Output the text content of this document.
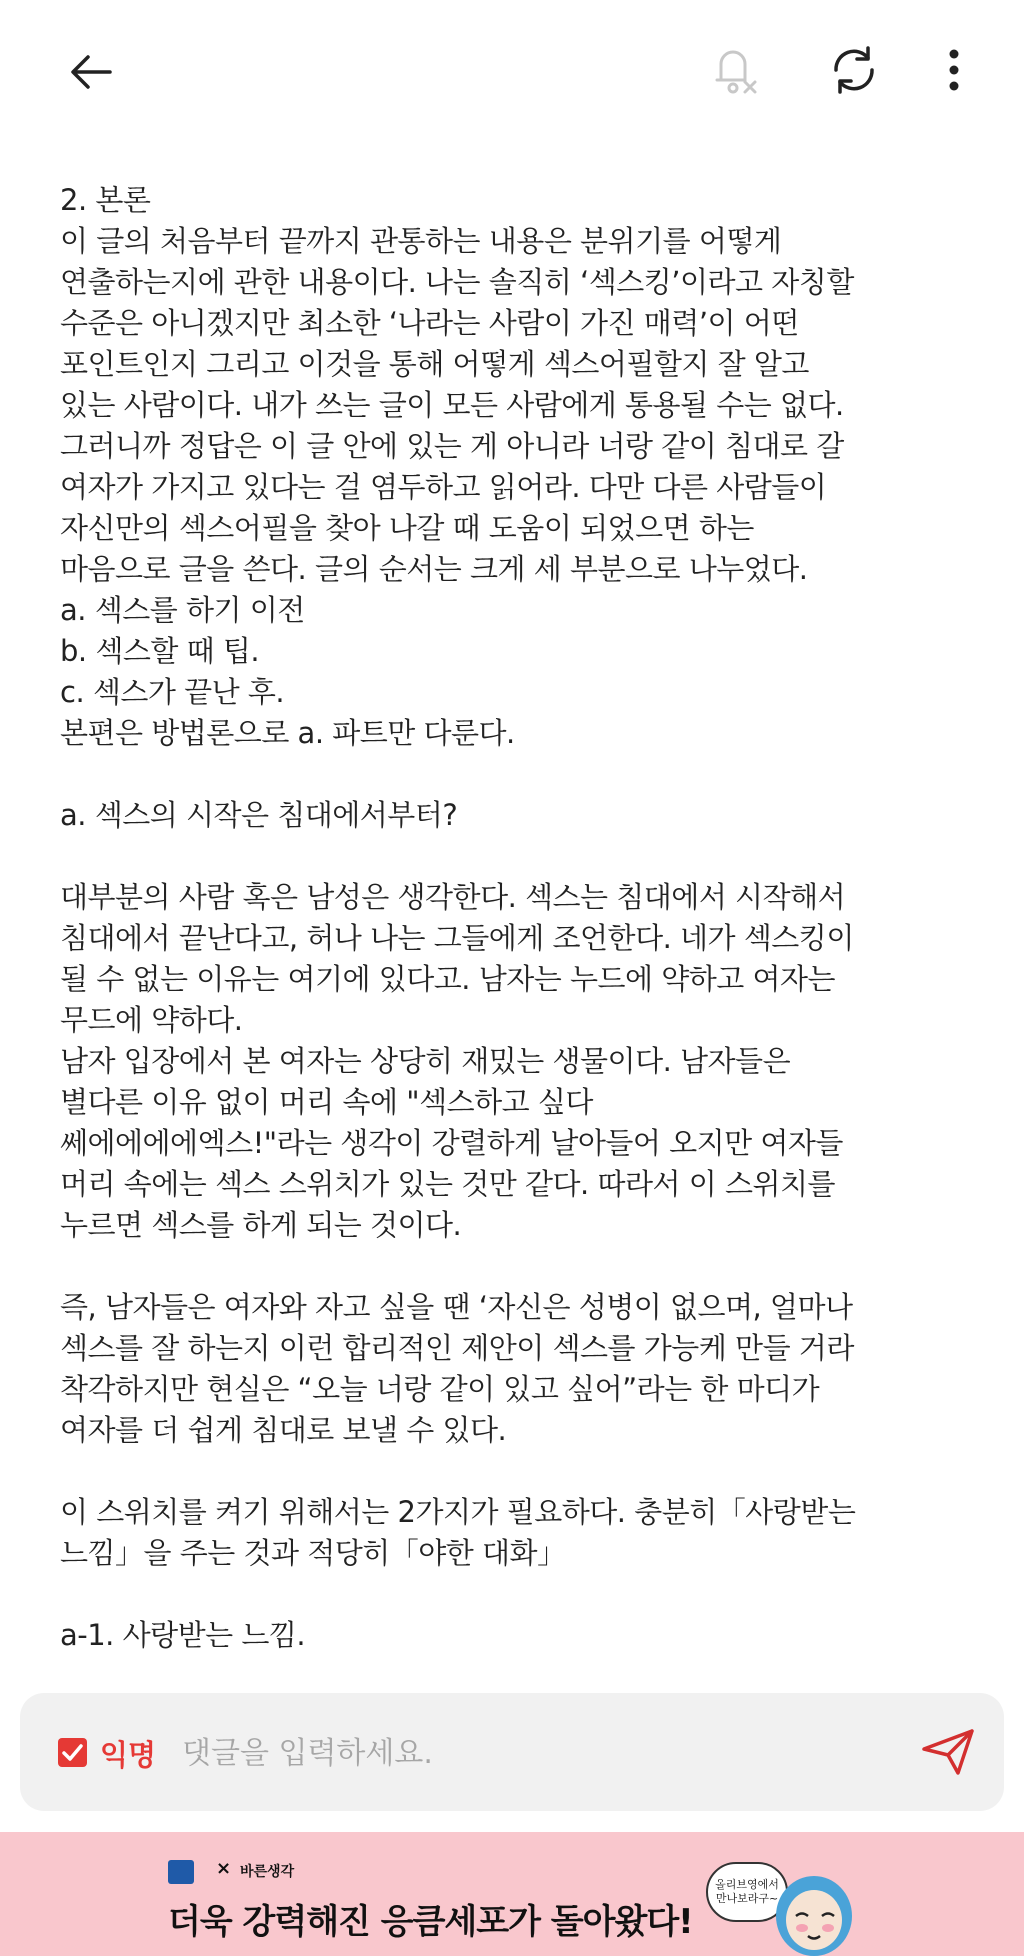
2. 본론
이 글의 처음부터 끝까지 관통하는 내용은 분위기를 어떻게
연출하는지에 관한 내용이다. 나는 솔직히 ‘섹스킹’이라고 자칭할
수준은 아니겠지만 최소한 ‘나라는 사람이 가진 매력’이 어떤
포인트인지 그리고 이것을 통해 어떻게 섹스어필할지 잘 알고
있는 사람이다. 내가 쓰는 글이 모든 사람에게 통용될 수는 없다.
그러니까 정답은 이 글 안에 있는 게 아니라 너랑 같이 침대로 갈
여자가 가지고 있다는 걸 염두하고 읽어라. 다만 다른 사람들이
자신만의 섹스어필을 찾아 나갈 때 도움이 되었으면 하는
마음으로 글을 쓴다. 글의 순서는 크게 세 부분으로 나누었다.
a. 섹스를 하기 이전
b. 섹스할 때 팁.
c. 섹스가 끝난 후.
본편은 방법론으로 a. 파트만 다룬다.
a. 섹스의 시작은 침대에서부터?
대부분의 사람 혹은 남성은 생각한다. 섹스는 침대에서 시작해서
침대에서 끝난다고, 허나 나는 그들에게 조언한다. 네가 섹스킹이
될 수 없는 이유는 여기에 있다고. 남자는 누드에 약하고 여자는
무드에 약하다.
남자 입장에서 본 여자는 상당히 재밌는 생물이다. 남자들은
별다른 이유 없이 머리 속에 "섹스하고 싶다
쎄에에에에엑스!"라는 생각이 강렬하게 날아들어 오지만 여자들
머리 속에는 섹스 스위치가 있는 것만 같다. 따라서 이 스위치를
누르면 섹스를 하게 되는 것이다.
즉, 남자들은 여자와 자고 싶을 땐 ‘자신은 성병이 없으며, 얼마나
섹스를 잘 하는지 이런 합리적인 제안이 섹스를 가능케 만들 거라
착각하지만 현실은 “오늘 너랑 같이 있고 싶어”라는 한 마디가
여자를 더 쉽게 침대로 보낼 수 있다.
이 스위치를 켜기 위해서는 2가지가 필요하다. 충분히「사랑받는
느낌」을 주는 것과 적당히「야한 대화」
a-1. 사랑받는 느낌.
익명
댓글을 입력하세요.
× 바른생각
더욱 강력해진 응큼세포가 돌아왔다!
올리브영에서
만나보라구~
